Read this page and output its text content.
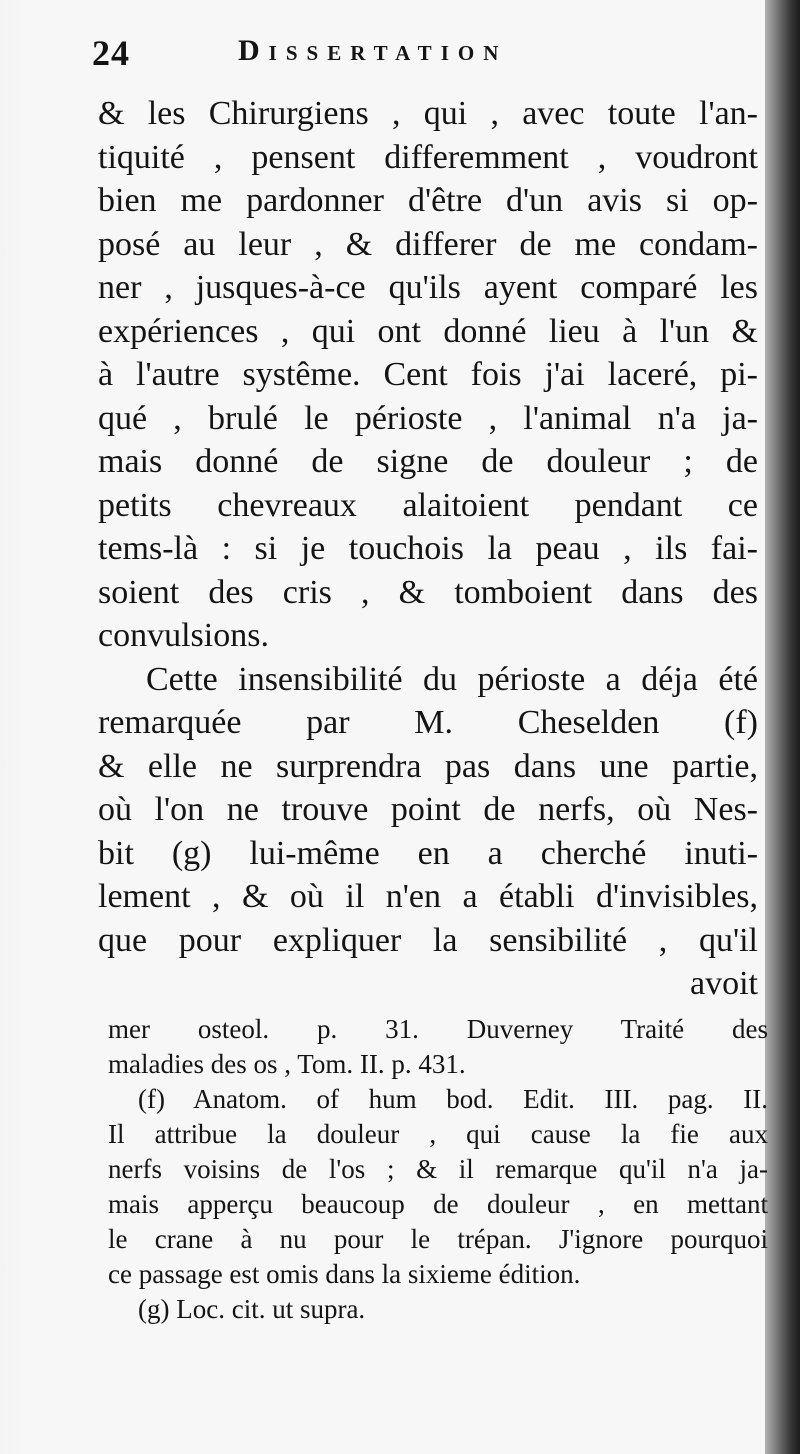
24	Dissertation
& les Chirurgiens , qui , avec toute l'an-
tiquité , pensent differemment , voudront
bien me pardonner d'être d'un avis si op-
posé au leur , & differer de me condam-
ner , jusques-à-ce qu'ils ayent comparé les
expériences , qui ont donné lieu à l'un &
à l'autre systême. Cent fois j'ai laceré, pi-
qué , brulé le périoste , l'animal n'a ja-
mais donné de signe de douleur ; de
petits chevreaux alaitoient pendant ce
tems-là : si je touchois la peau , ils fai-
soient des cris , & tomboient dans des
convulsions.
Cette insensibilité du périoste a déja été
remarquée par M. Cheselden (f)
& elle ne surprendra pas dans une partie,
où l'on ne trouve point de nerfs, où Nes-
bit (g) lui-même en a cherché inuti-
lement , & où il n'en a établi d'invisibles,
que pour expliquer la sensibilité , qu'il
avoit
mer osteol. p. 31. Duverney Traité des
maladies des os , Tom. II. p. 431.
(f) Anatom. of hum bod. Edit. III. pag. II.
Il attribue la douleur , qui cause la fie aux
nerfs voisins de l'os ; & il remarque qu'il n'a ja-
mais apperçu beaucoup de douleur , en mettant
le crane à nu pour le trépan. J'ignore pourquoi
ce passage est omis dans la sixieme édition.
(g) Loc. cit. ut supra.
